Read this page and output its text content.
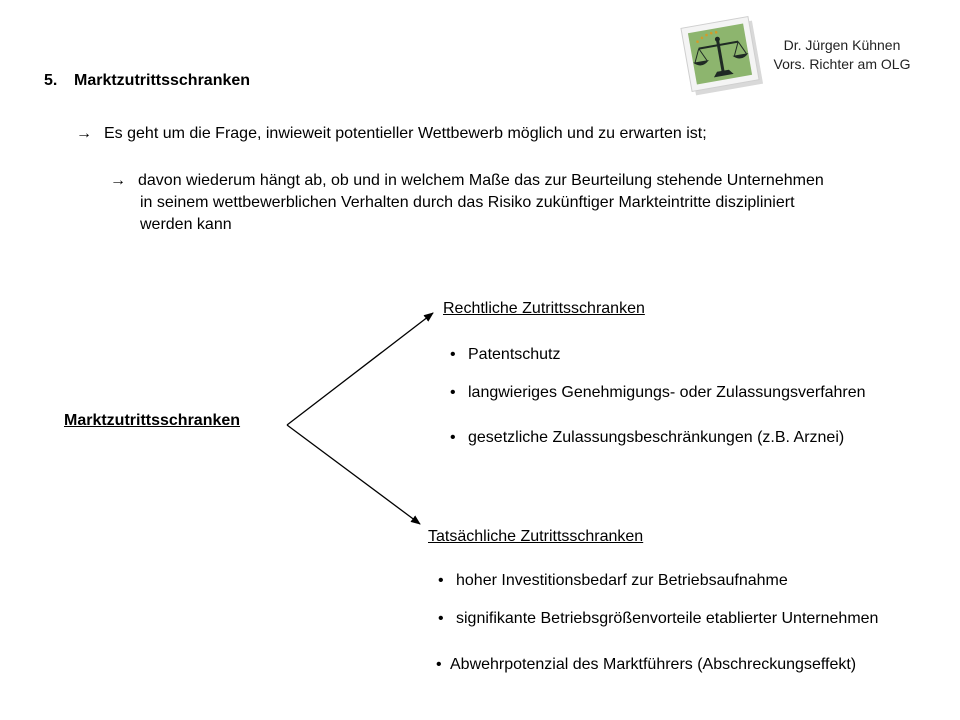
Dr. Jürgen Kühnen
Vors. Richter am OLG
5. Marktzutrittsschranken
→ Es geht um die Frage, inwieweit potentieller Wettbewerb möglich und zu erwarten ist;
→ davon wiederum hängt ab, ob und in welchem Maße das zur Beurteilung stehende Unternehmen
in seinem wettbewerblichen Verhalten durch das Risiko zukünftiger Markteintritte diszipliniert
werden kann
Marktzutrittsschranken
Rechtliche Zutrittsschranken
• Patentschutz
• langwieriges Genehmigungs- oder Zulassungsverfahren
• gesetzliche Zulassungsbeschränkungen (z.B. Arznei)
Tatsächliche Zutrittsschranken
• hoher Investitionsbedarf zur Betriebsaufnahme
• signifikante Betriebsgrößenvorteile etablierter Unternehmen
• Abwehrpotenzial des Marktführers (Abschreckungseffekt)
